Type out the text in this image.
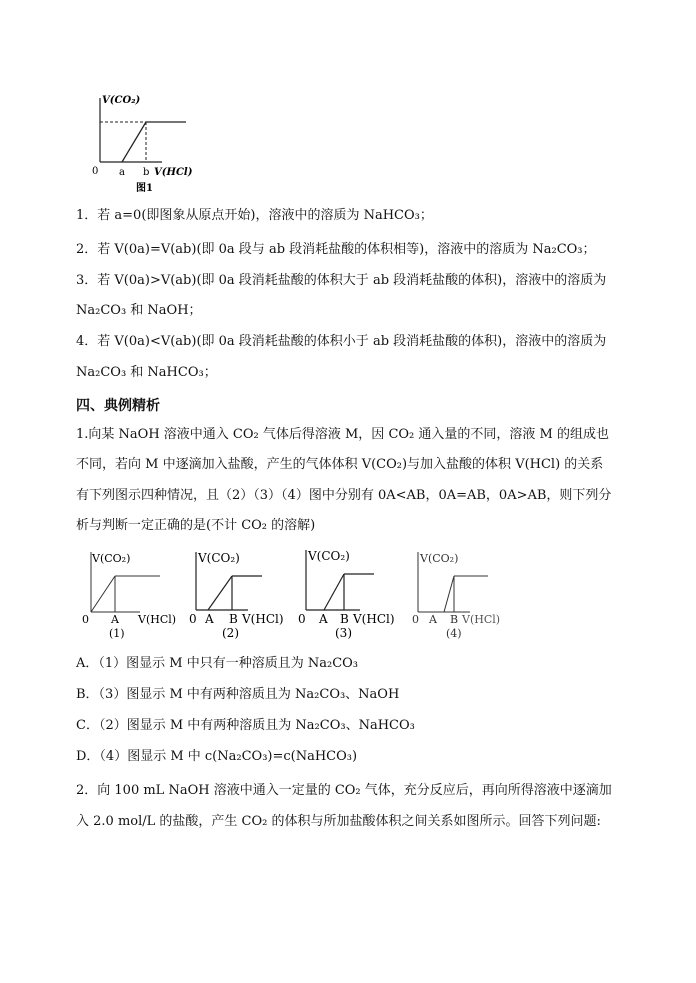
V(CO₂)
0 a b V(HCl)
图1
1．若 a=0(即图象从原点开始)，溶液中的溶质为 NaHCO₃；
2．若 V(0a)=V(ab)(即 0a 段与 ab 段消耗盐酸的体积相等)，溶液中的溶质为 Na₂CO₃；
3．若 V(0a)>V(ab)(即 0a 段消耗盐酸的体积大于 ab 段消耗盐酸的体积)，溶液中的溶质为
Na₂CO₃ 和 NaOH；
4．若 V(0a)<V(ab)(即 0a 段消耗盐酸的体积小于 ab 段消耗盐酸的体积)，溶液中的溶质为
Na₂CO₃ 和 NaHCO₃；
四、典例精析
1.向某 NaOH 溶液中通入 CO₂ 气体后得溶液 M，因 CO₂ 通入量的不同，溶液 M 的组成也
不同，若向 M 中逐滴加入盐酸，产生的气体体积 V(CO₂)与加入盐酸的体积 V(HCl) 的关系
有下列图示四种情况，且（2）（3）（4）图中分别有 0A<AB，0A=AB，0A>AB，则下列分
析与判断一定正确的是(不计 CO₂ 的溶解)
V(CO₂)
0 A V(HCl)
(1)
V(CO₂)
0 A B V(HCl)
(2)
V(CO₂)
0 A B V(HCl)
(3)
V(CO₂)
0 A B V(HCl)
(4)
A．（1）图显示 M 中只有一种溶质且为 Na₂CO₃
B．（3）图显示 M 中有两种溶质且为 Na₂CO₃、NaOH
C．（2）图显示 M 中有两种溶质且为 Na₂CO₃、NaHCO₃
D．（4）图显示 M 中 c(Na₂CO₃)=c(NaHCO₃)
2．向 100 mL NaOH 溶液中通入一定量的 CO₂ 气体，充分反应后，再向所得溶液中逐滴加
入 2.0 mol/L 的盐酸，产生 CO₂ 的体积与所加盐酸体积之间关系如图所示。回答下列问题:
